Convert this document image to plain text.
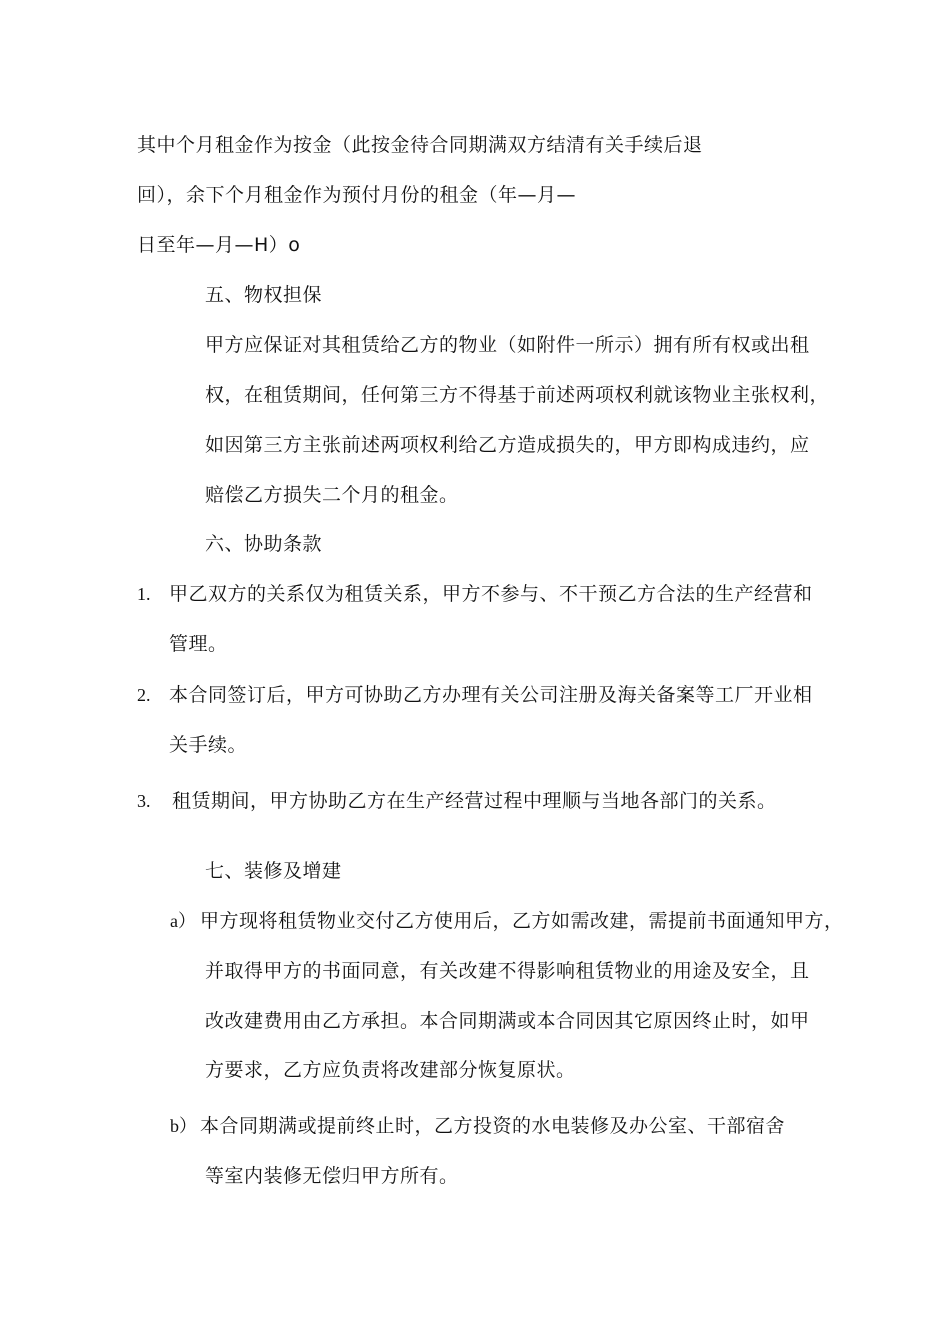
其中个月租金作为按金（此按金待合同期满双方结清有关手续后退
回），余下个月租金作为预付月份的租金（年—月—
日至年—月—H）o
五、物权担保
甲方应保证对其租赁给乙方的物业（如附件一所示）拥有所有权或出租
权，在租赁期间，任何第三方不得基于前述两项权利就该物业主张权利，
如因第三方主张前述两项权利给乙方造成损失的，甲方即构成违约，应
赔偿乙方损失二个月的租金。
六、协助条款
1. 甲乙双方的关系仅为租赁关系，甲方不参与、不干预乙方合法的生产经营和
管理。
2. 本合同签订后，甲方可协助乙方办理有关公司注册及海关备案等工厂开业相
关手续。
3. 租赁期间，甲方协助乙方在生产经营过程中理顺与当地各部门的关系。
七、装修及增建
a） 甲方现将租赁物业交付乙方使用后，乙方如需改建，需提前书面通知甲方，
并取得甲方的书面同意，有关改建不得影响租赁物业的用途及安全，且
改改建费用由乙方承担。本合同期满或本合同因其它原因终止时，如甲
方要求，乙方应负责将改建部分恢复原状。
b） 本合同期满或提前终止时，乙方投资的水电装修及办公室、干部宿舍
等室内装修无偿归甲方所有。
